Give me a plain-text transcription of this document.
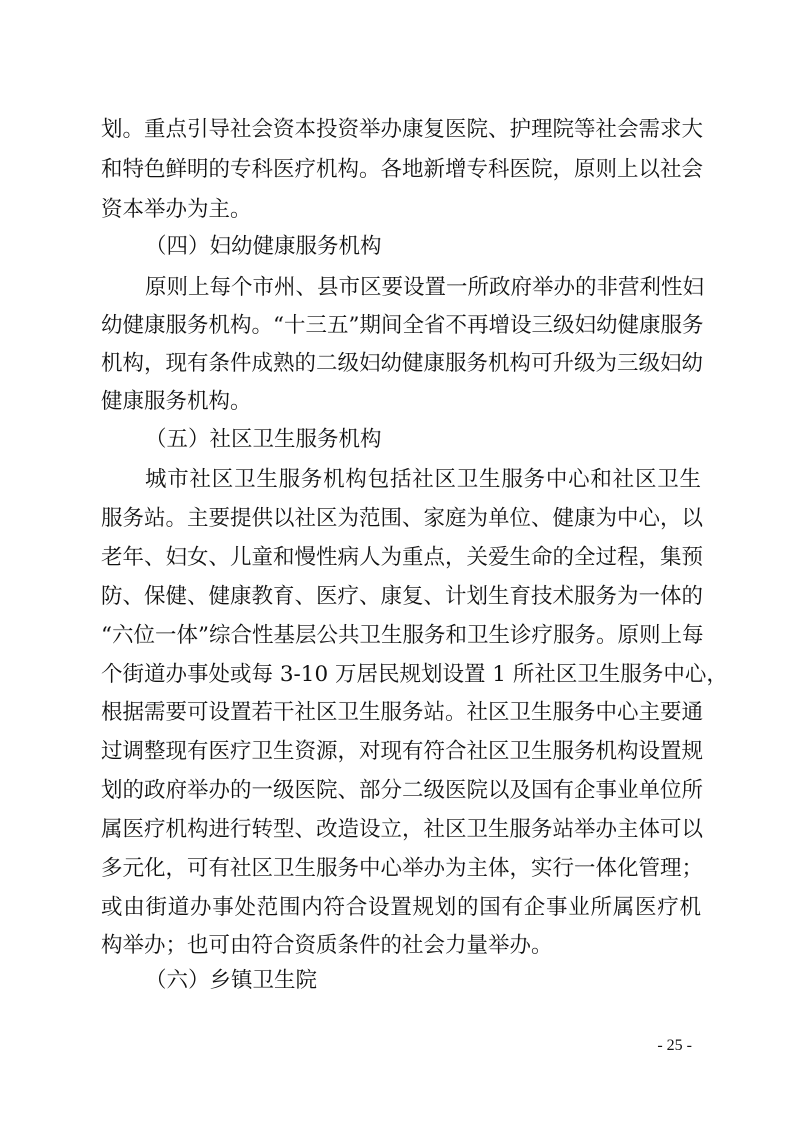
划。重点引导社会资本投资举办康复医院、护理院等社会需求大
和特色鲜明的专科医疗机构。各地新增专科医院，原则上以社会
资本举办为主。
（四）妇幼健康服务机构
原则上每个市州、县市区要设置一所政府举办的非营利性妇
幼健康服务机构。“十三五”期间全省不再增设三级妇幼健康服务
机构，现有条件成熟的二级妇幼健康服务机构可升级为三级妇幼
健康服务机构。
（五）社区卫生服务机构
城市社区卫生服务机构包括社区卫生服务中心和社区卫生
服务站。主要提供以社区为范围、家庭为单位、健康为中心，以
老年、妇女、儿童和慢性病人为重点，关爱生命的全过程，集预
防、保健、健康教育、医疗、康复、计划生育技术服务为一体的
“六位一体”综合性基层公共卫生服务和卫生诊疗服务。原则上每
个街道办事处或每 3-10 万居民规划设置 1 所社区卫生服务中心，
根据需要可设置若干社区卫生服务站。社区卫生服务中心主要通
过调整现有医疗卫生资源，对现有符合社区卫生服务机构设置规
划的政府举办的一级医院、部分二级医院以及国有企事业单位所
属医疗机构进行转型、改造设立，社区卫生服务站举办主体可以
多元化，可有社区卫生服务中心举办为主体，实行一体化管理；
或由街道办事处范围内符合设置规划的国有企事业所属医疗机
构举办；也可由符合资质条件的社会力量举办。
（六）乡镇卫生院
- 25 -
